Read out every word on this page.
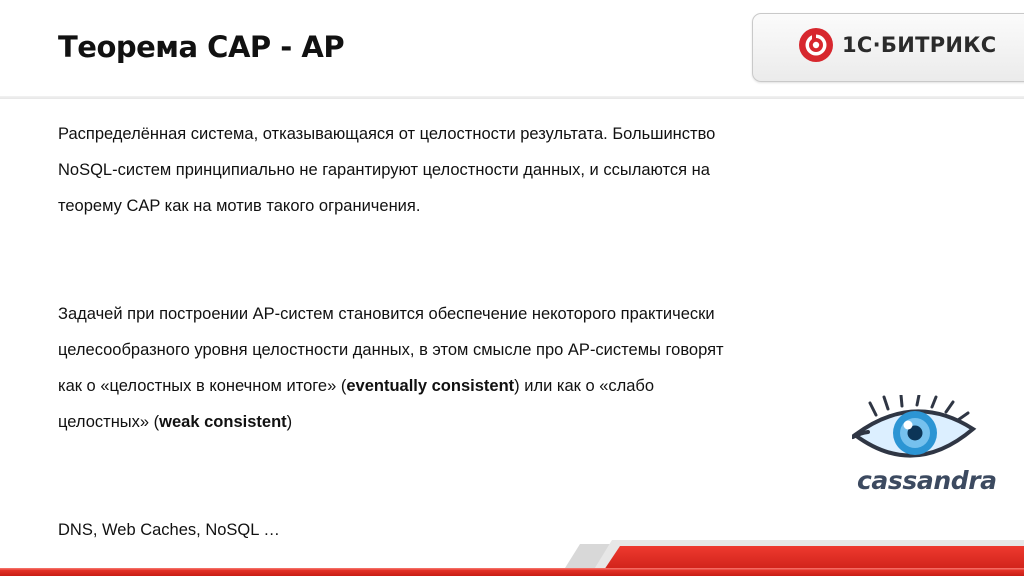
Теорема CAP - AP	1С·БИТРИКС

Распределённая система, отказывающаяся от целостности результата. Большинство NoSQL-систем принципиально не гарантируют целостности данных, и ссылаются на теорему CAP как на мотив такого ограничения.

Задачей при построении AP-систем становится обеспечение некоторого практически целесообразного уровня целостности данных, в этом смысле про AP-системы говорят как о «целостных в конечном итоге» (eventually consistent) или как о «слабо целостных» (weak consistent)

DNS, Web Caches, NoSQL …

cassandra
